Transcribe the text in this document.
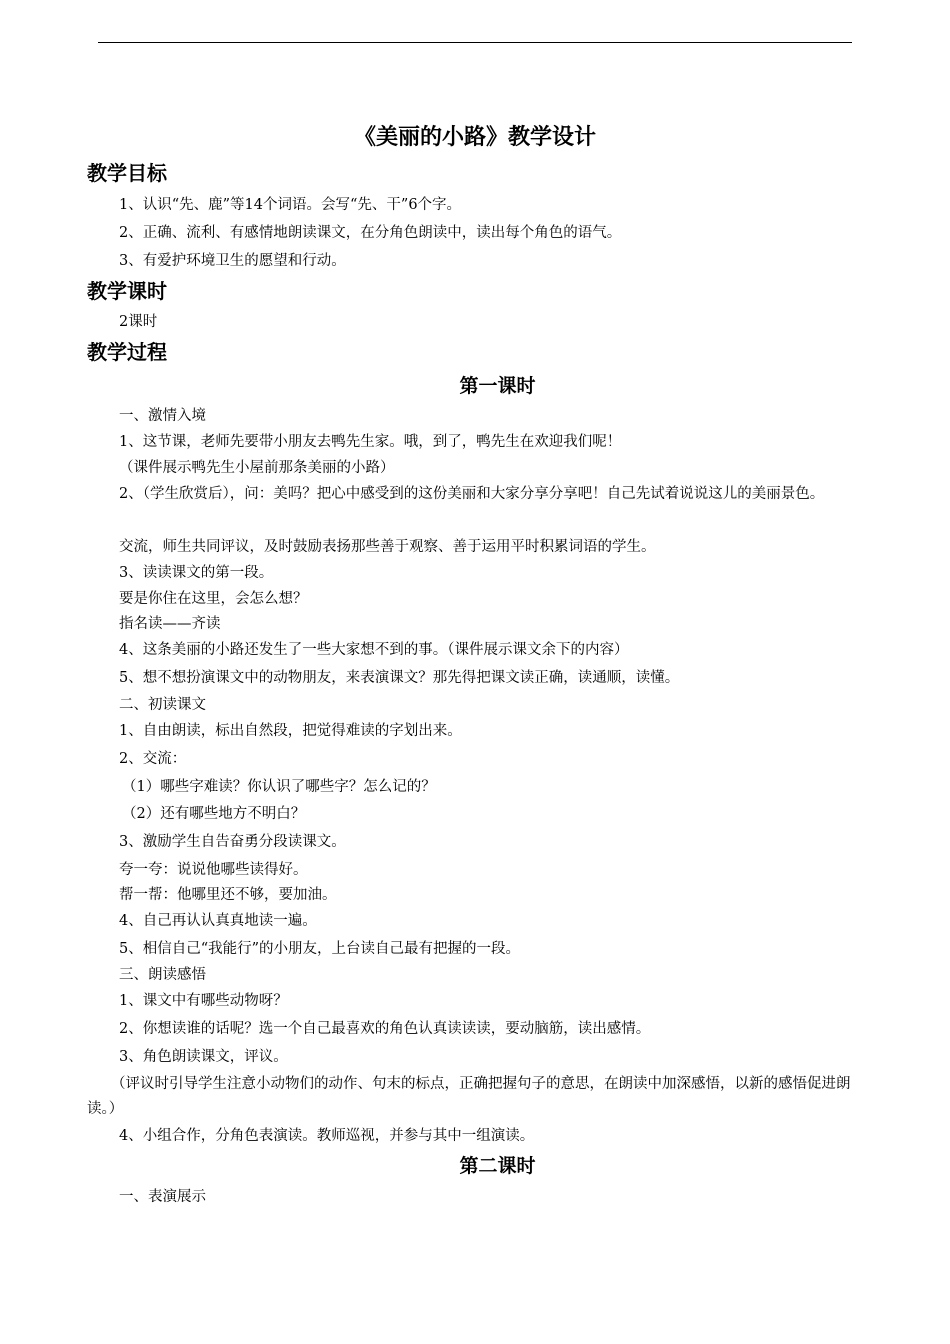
《美丽的小路》教学设计
教学目标
1、认识“先、鹿”等14个词语。会写“先、干”6个字。
2、正确、流利、有感情地朗读课文，在分角色朗读中，读出每个角色的语气。
3、有爱护环境卫生的愿望和行动。
教学课时
2课时
教学过程
第一课时
一、激情入境
1、这节课，老师先要带小朋友去鸭先生家。哦，到了，鸭先生在欢迎我们呢！
（课件展示鸭先生小屋前那条美丽的小路）
2、（学生欣赏后），问：美吗？把心中感受到的这份美丽和大家分享分享吧！自己先试着说说这儿的美丽景色。
交流，师生共同评议，及时鼓励表扬那些善于观察、善于运用平时积累词语的学生。
3、读读课文的第一段。
要是你住在这里，会怎么想？
指名读——齐读
4、这条美丽的小路还发生了一些大家想不到的事。（课件展示课文余下的内容）
5、想不想扮演课文中的动物朋友，来表演课文？那先得把课文读正确，读通顺，读懂。
二、初读课文
1、自由朗读，标出自然段，把觉得难读的字划出来。
2、交流：
（1）哪些字难读？你认识了哪些字？怎么记的？
（2）还有哪些地方不明白？
3、激励学生自告奋勇分段读课文。
夸一夸：说说他哪些读得好。
帮一帮：他哪里还不够，要加油。
4、自己再认认真真地读一遍。
5、相信自己“我能行”的小朋友，上台读自己最有把握的一段。
三、朗读感悟
1、课文中有哪些动物呀？
2、你想读谁的话呢？选一个自己最喜欢的角色认真读读读，要动脑筋，读出感情。
3、角色朗读课文，评议。
（评议时引导学生注意小动物们的动作、句末的标点，正确把握句子的意思，在朗读中加深感悟，以新的感悟促进朗读。）
4、小组合作，分角色表演读。教师巡视，并参与其中一组演读。
第二课时
一、表演展示
